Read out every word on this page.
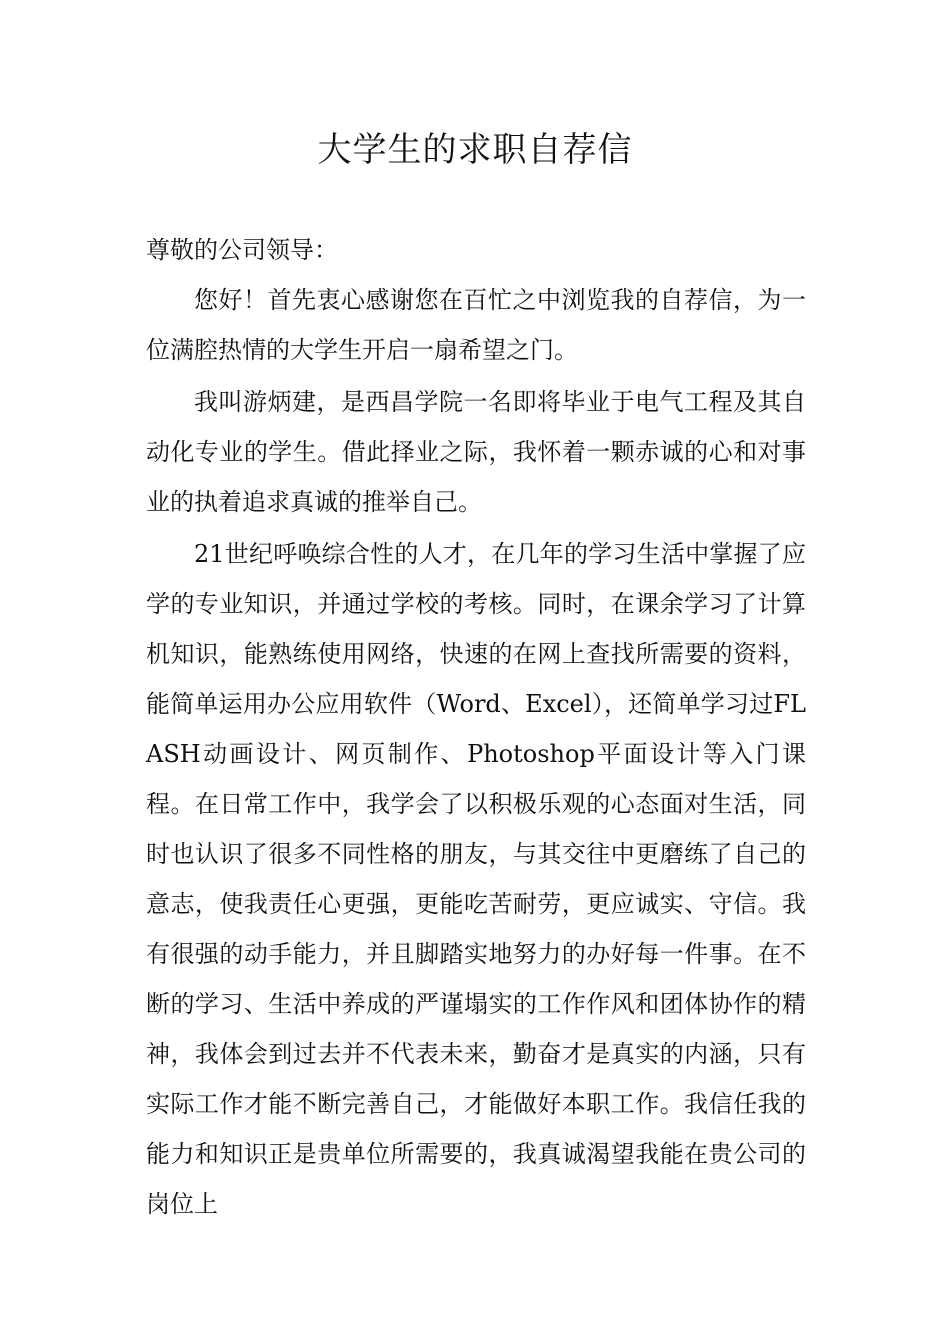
大学生的求职自荐信

尊敬的公司领导：

您好！首先衷心感谢您在百忙之中浏览我的自荐信，为一位满腔热情的大学生开启一扇希望之门。

我叫游炳建，是西昌学院一名即将毕业于电气工程及其自动化专业的学生。借此择业之际，我怀着一颗赤诚的心和对事业的执着追求真诚的推举自己。

21世纪呼唤综合性的人才，在几年的学习生活中掌握了应学的专业知识，并通过学校的考核。同时，在课余学习了计算机知识，能熟练使用网络，快速的在网上查找所需要的资料，能简单运用办公应用软件（Word、Excel），还简单学习过FLASH动画设计、网页制作、Photoshop平面设计等入门课程。在日常工作中，我学会了以积极乐观的心态面对生活，同时也认识了很多不同性格的朋友，与其交往中更磨练了自己的意志，使我责任心更强，更能吃苦耐劳，更应诚实、守信。我有很强的动手能力，并且脚踏实地努力的办好每一件事。在不断的学习、生活中养成的严谨塌实的工作作风和团体协作的精神，我体会到过去并不代表未来，勤奋才是真实的内涵，只有实际工作才能不断完善自己，才能做好本职工作。我信任我的能力和知识正是贵单位所需要的，我真诚渴望我能在贵公司的岗位上
